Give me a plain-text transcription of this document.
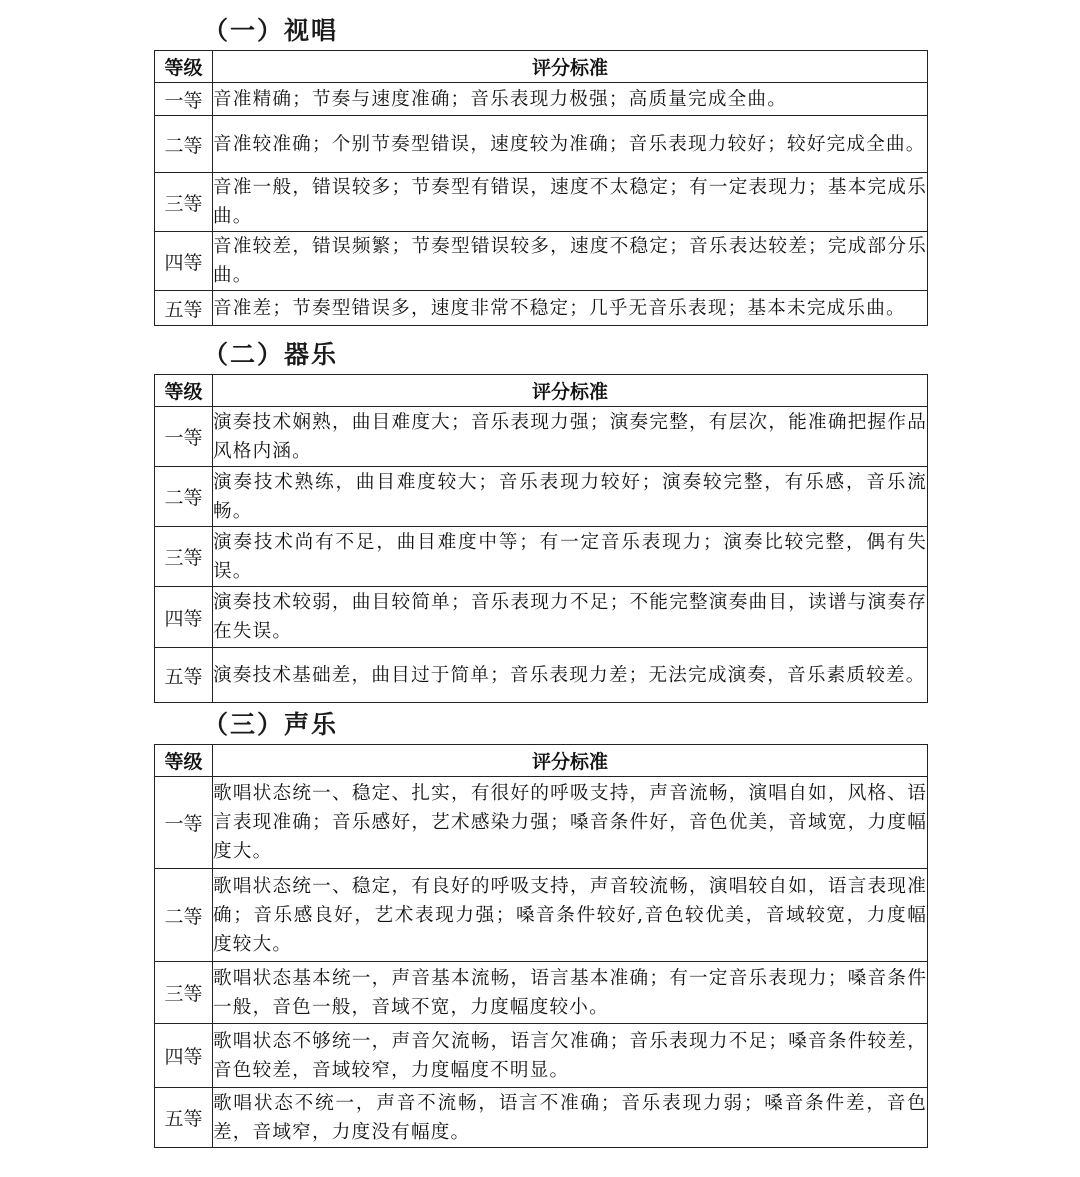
（一）视唱
等级	评分标准
一等	音准精确；节奏与速度准确；音乐表现力极强；高质量完成全曲。
二等	音准较准确；个别节奏型错误，速度较为准确；音乐表现力较好；较好完成全曲。
三等	音准一般，错误较多；节奏型有错误，速度不太稳定；有一定表现力；基本完成乐曲。
四等	音准较差，错误频繁；节奏型错误较多，速度不稳定；音乐表达较差；完成部分乐曲。
五等	音准差；节奏型错误多，速度非常不稳定；几乎无音乐表现；基本未完成乐曲。
（二）器乐
等级	评分标准
一等	演奏技术娴熟，曲目难度大；音乐表现力强；演奏完整，有层次，能准确把握作品风格内涵。
二等	演奏技术熟练，曲目难度较大；音乐表现力较好；演奏较完整，有乐感，音乐流畅。
三等	演奏技术尚有不足，曲目难度中等；有一定音乐表现力；演奏比较完整，偶有失误。
四等	演奏技术较弱，曲目较简单；音乐表现力不足；不能完整演奏曲目，读谱与演奏存在失误。
五等	演奏技术基础差，曲目过于简单；音乐表现力差；无法完成演奏，音乐素质较差。
（三）声乐
等级	评分标准
一等	歌唱状态统一、稳定、扎实，有很好的呼吸支持，声音流畅，演唱自如，风格、语言表现准确；音乐感好，艺术感染力强；嗓音条件好，音色优美，音域宽，力度幅度大。
二等	歌唱状态统一、稳定，有良好的呼吸支持，声音较流畅，演唱较自如，语言表现准确；音乐感良好，艺术表现力强；嗓音条件较好,音色较优美，音域较宽，力度幅度较大。
三等	歌唱状态基本统一，声音基本流畅，语言基本准确；有一定音乐表现力；嗓音条件一般，音色一般，音域不宽，力度幅度较小。
四等	歌唱状态不够统一，声音欠流畅，语言欠准确；音乐表现力不足；嗓音条件较差，音色较差，音域较窄，力度幅度不明显。
五等	歌唱状态不统一，声音不流畅，语言不准确；音乐表现力弱；嗓音条件差，音色差，音域窄，力度没有幅度。
